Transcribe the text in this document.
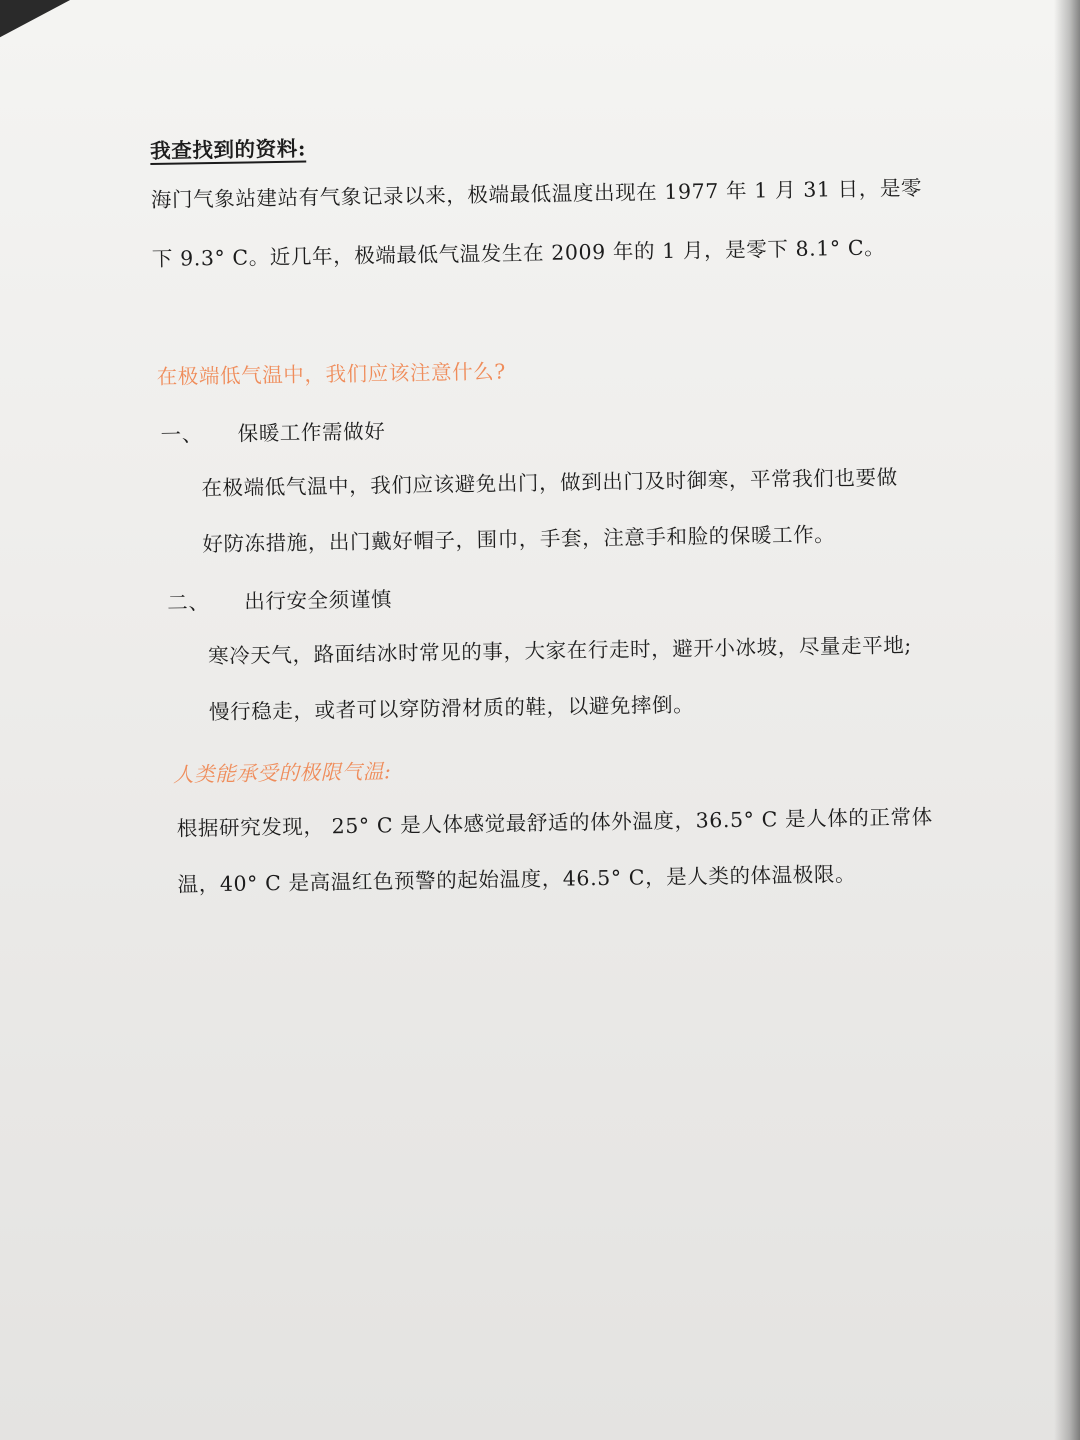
我查找到的资料:
海门气象站建站有气象记录以来，极端最低温度出现在 1977 年 1 月 31 日，是零
下 9.3° C。近几年，极端最低气温发生在 2009 年的 1 月，是零下 8.1° C。
在极端低气温中，我们应该注意什么?
一、 保暖工作需做好
在极端低气温中，我们应该避免出门，做到出门及时御寒，平常我们也要做
好防冻措施，出门戴好帽子，围巾，手套，注意手和脸的保暖工作。
二、 出行安全须谨慎
寒冷天气，路面结冰时常见的事，大家在行走时，避开小冰坡，尽量走平地;
慢行稳走，或者可以穿防滑材质的鞋，以避免摔倒。
人类能承受的极限气温:
根据研究发现， 25° C 是人体感觉最舒适的体外温度，36.5° C 是人体的正常体
温，40° C 是高温红色预警的起始温度，46.5° C，是人类的体温极限。
